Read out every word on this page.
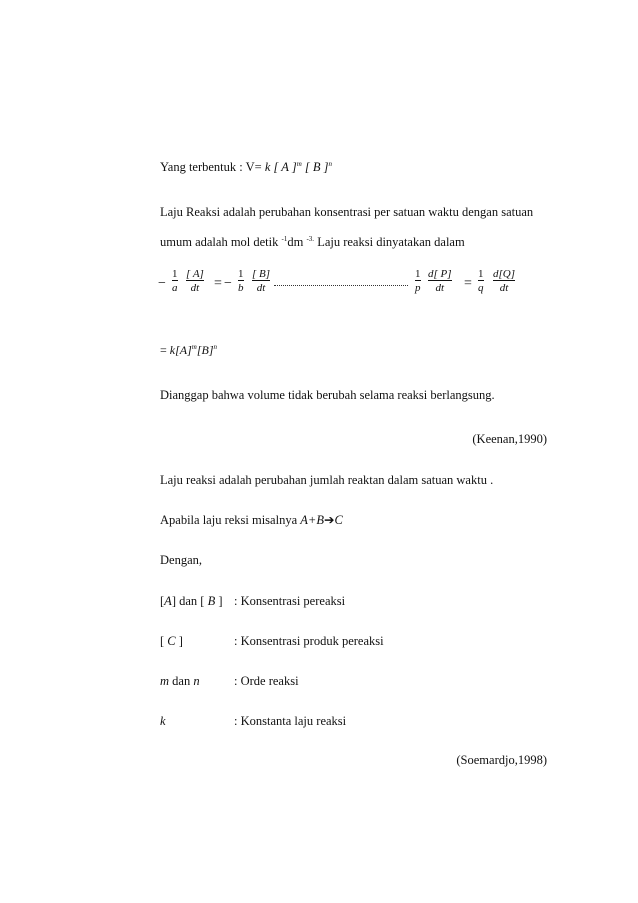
Yang terbentuk : V= k [ A ]$^m$ [ B ]$^n$
Laju Reaksi adalah perubahan konsentrasi per satuan waktu dengan satuan
umum adalah mol detik $^{-1}$dm $^{-3.}$ Laju reaksi dinyatakan dalam
− $\frac{1}{a} \frac{[ A]}{dt}$ = − $\frac{1}{b} \frac{[ B]}{dt}$	$\frac{1}{p} \frac{d[ P]}{dt} = \frac{1}{q} \frac{d[Q]}{dt}$
= $k[A]^m[B]^n$
Dianggap bahwa volume tidak berubah selama reaksi berlangsung.
(Keenan,1990)
Laju reaksi adalah perubahan jumlah reaktan dalam satuan waktu .
Apabila laju reksi misalnya A+B➔C
Dengan,
[A] dan [ B ] : Konsentrasi pereaksi
[ C ]	: Konsentrasi produk pereaksi
m dan n	: Orde reaksi
k	: Konstanta laju reaksi
(Soemardjo,1998)
